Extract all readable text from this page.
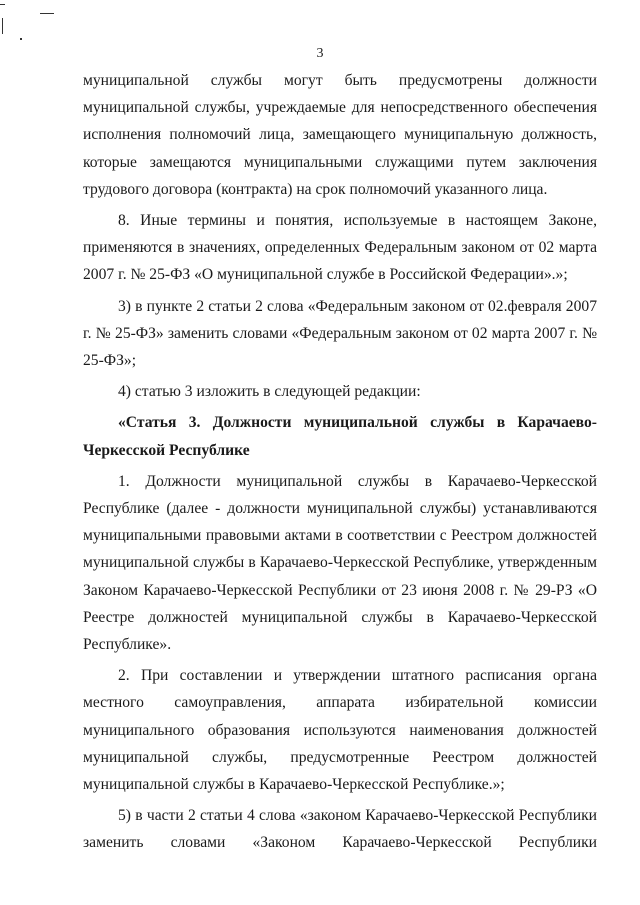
3

муниципальной службы могут быть предусмотрены должности муниципальной службы, учреждаемые для непосредственного обеспечения исполнения полномочий лица, замещающего муниципальную должность, которые замещаются муниципальными служащими путем заключения трудового договора (контракта) на срок полномочий указанного лица.

8. Иные термины и понятия, используемые в настоящем Законе, применяются в значениях, определенных Федеральным законом от 02 марта 2007 г. № 25-ФЗ «О муниципальной службе в Российской Федерации».»;

3) в пункте 2 статьи 2 слова «Федеральным законом от 02.февраля 2007 г. № 25-ФЗ» заменить словами «Федеральным законом от 02 марта 2007 г. № 25-ФЗ»;

4) статью 3 изложить в следующей редакции:

«Статья 3. Должности муниципальной службы в Карачаево-Черкесской Республике

1. Должности муниципальной службы в Карачаево-Черкесской Республике (далее - должности муниципальной службы) устанавливаются муниципальными правовыми актами в соответствии с Реестром должностей муниципальной службы в Карачаево-Черкесской Республике, утвержденным Законом Карачаево-Черкесской Республики от 23 июня 2008 г. № 29-РЗ «О Реестре должностей муниципальной службы в Карачаево-Черкесской Республике».

2. При составлении и утверждении штатного расписания органа местного самоуправления, аппарата избирательной комиссии муниципального образования используются наименования должностей муниципальной службы, предусмотренные Реестром должностей муниципальной службы в Карачаево-Черкесской Республике.»;

5) в части 2 статьи 4 слова «законом Карачаево-Черкесской Республики заменить словами «Законом Карачаево-Черкесской Республики
